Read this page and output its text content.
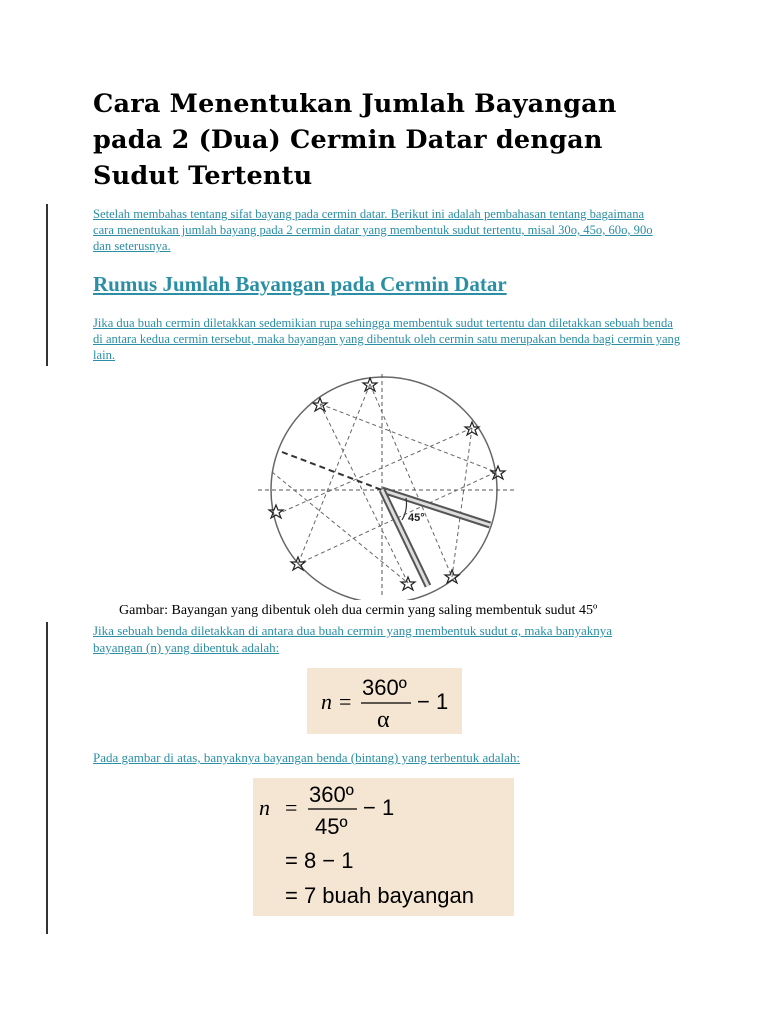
Cara Menentukan Jumlah Bayangan pada 2 (Dua) Cermin Datar dengan Sudut Tertentu
Setelah membahas tentang sifat bayang pada cermin datar. Berikut ini adalah pembahasan tentang bagaimana cara menentukan jumlah bayang pada 2 cermin datar yang membentuk sudut tertentu, misal 30o, 45o, 60o, 90o dan seterusnya.
Rumus Jumlah Bayangan pada Cermin Datar
Jika dua buah cermin diletakkan sedemikian rupa sehingga membentuk sudut tertentu dan diletakkan sebuah benda di antara kedua cermin tersebut, maka bayangan yang dibentuk oleh cermin satu merupakan benda bagi cermin yang lain.
45°
Gambar: Bayangan yang dibentuk oleh dua cermin yang saling membentuk sudut 45º
Jika sebuah benda diletakkan di antara dua buah cermin yang membentuk sudut α, maka banyaknya bayangan (n) yang dibentuk adalah:
n =
360º
α
− 1
Pada gambar di atas, banyaknya bayangan benda (bintang) yang terbentuk adalah:
n =
360º
45º
− 1
= 8 − 1
= 7 buah bayangan
